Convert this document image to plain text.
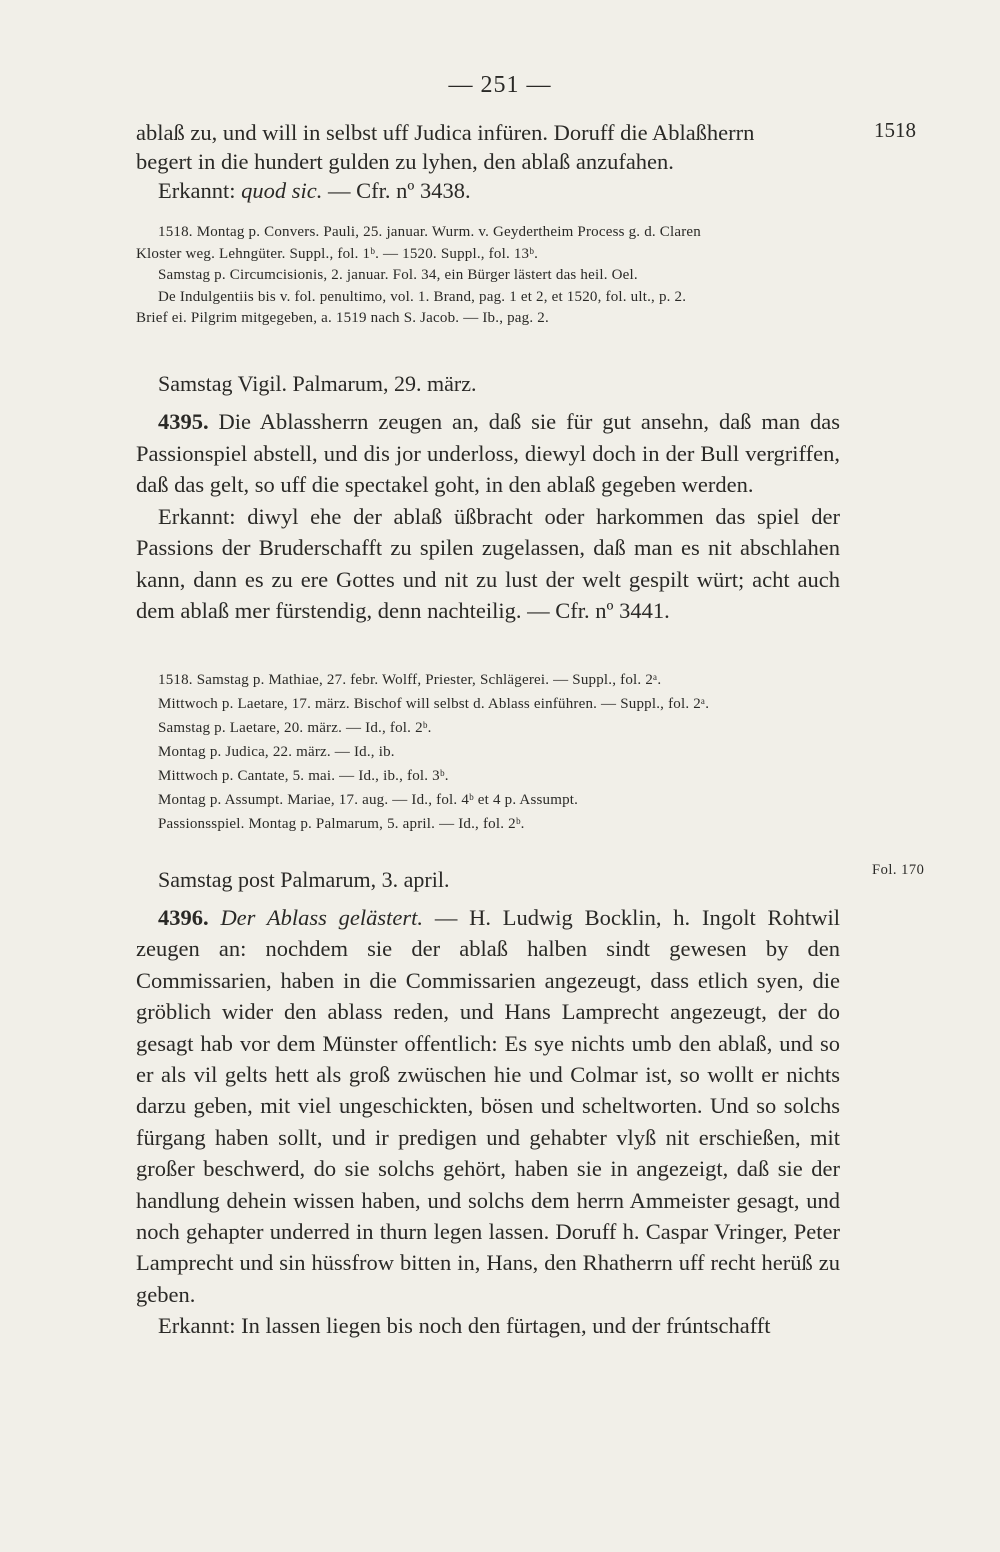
— 251 —
1518
Fol. 170
ablaß zu, und will in selbst uff Judica infüren. Doruff die Ablaßherrn
begert in die hundert gulden zu lyhen, den ablaß anzufahen.
Erkannt: quod sic. — Cfr. nº 3438.
1518. Montag p. Convers. Pauli, 25. januar. Wurm. v. Geydertheim Process g. d. Claren
Kloster weg. Lehngüter. Suppl., fol. 1ᵇ. — 1520. Suppl., fol. 13ᵇ.
Samstag p. Circumcisionis, 2. januar. Fol. 34, ein Bürger lästert das heil. Oel.
De Indulgentiis bis v. fol. penultimo, vol. 1. Brand, pag. 1 et 2, et 1520, fol. ult., p. 2.
Brief ei. Pilgrim mitgegeben, a. 1519 nach S. Jacob. — Ib., pag. 2.
Samstag Vigil. Palmarum, 29. märz.
4395. Die Ablassherrn zeugen an, daß sie für gut ansehn, daß man das Passionspiel abstell, und dis jor underloss, diewyl doch in der Bull vergriffen, daß das gelt, so uff die spectakel goht, in den ablaß gegeben werden.
Erkannt: diwyl ehe der ablaß üßbracht oder harkommen das spiel der Passions der Bruderschafft zu spilen zugelassen, daß man es nit abschlahen kann, dann es zu ere Gottes und nit zu lust der welt gespilt würt; acht auch dem ablaß mer fürstendig, denn nachteilig. — Cfr. nº 3441.
1518. Samstag p. Mathiae, 27. febr. Wolff, Priester, Schlägerei. — Suppl., fol. 2ᵃ.
Mittwoch p. Laetare, 17. märz. Bischof will selbst d. Ablass einführen. — Suppl., fol. 2ᵃ.
Samstag p. Laetare, 20. märz. — Id., fol. 2ᵇ.
Montag p. Judica, 22. märz. — Id., ib.
Mittwoch p. Cantate, 5. mai. — Id., ib., fol. 3ᵇ.
Montag p. Assumpt. Mariae, 17. aug. — Id., fol. 4ᵇ et 4 p. Assumpt.
Passionsspiel. Montag p. Palmarum, 5. april. — Id., fol. 2ᵇ.
Samstag post Palmarum, 3. april.
4396. Der Ablass gelästert. — H. Ludwig Bocklin, h. Ingolt Rohtwil zeugen an: nochdem sie der ablaß halben sindt gewesen by den Commissarien, haben in die Commissarien angezeugt, dass etlich syen, die gröblich wider den ablass reden, und Hans Lamprecht angezeugt, der do gesagt hab vor dem Münster offentlich: Es sye nichts umb den ablaß, und so er als vil gelts hett als groß zwüschen hie und Colmar ist, so wollt er nichts darzu geben, mit viel ungeschickten, bösen und scheltworten. Und so solchs fürgang haben sollt, und ir predigen und gehabter vlyß nit erschießen, mit großer beschwerd, do sie solchs gehört, haben sie in angezeigt, daß sie der handlung dehein wissen haben, und solchs dem herrn Ammeister gesagt, und noch gehapter underred in thurn legen lassen. Doruff h. Caspar Vringer, Peter Lamprecht und sin hüssfrow bitten in, Hans, den Rhatherrn uff recht herüß zu geben.
Erkannt: In lassen liegen bis noch den fürtagen, und der frúntschafft
